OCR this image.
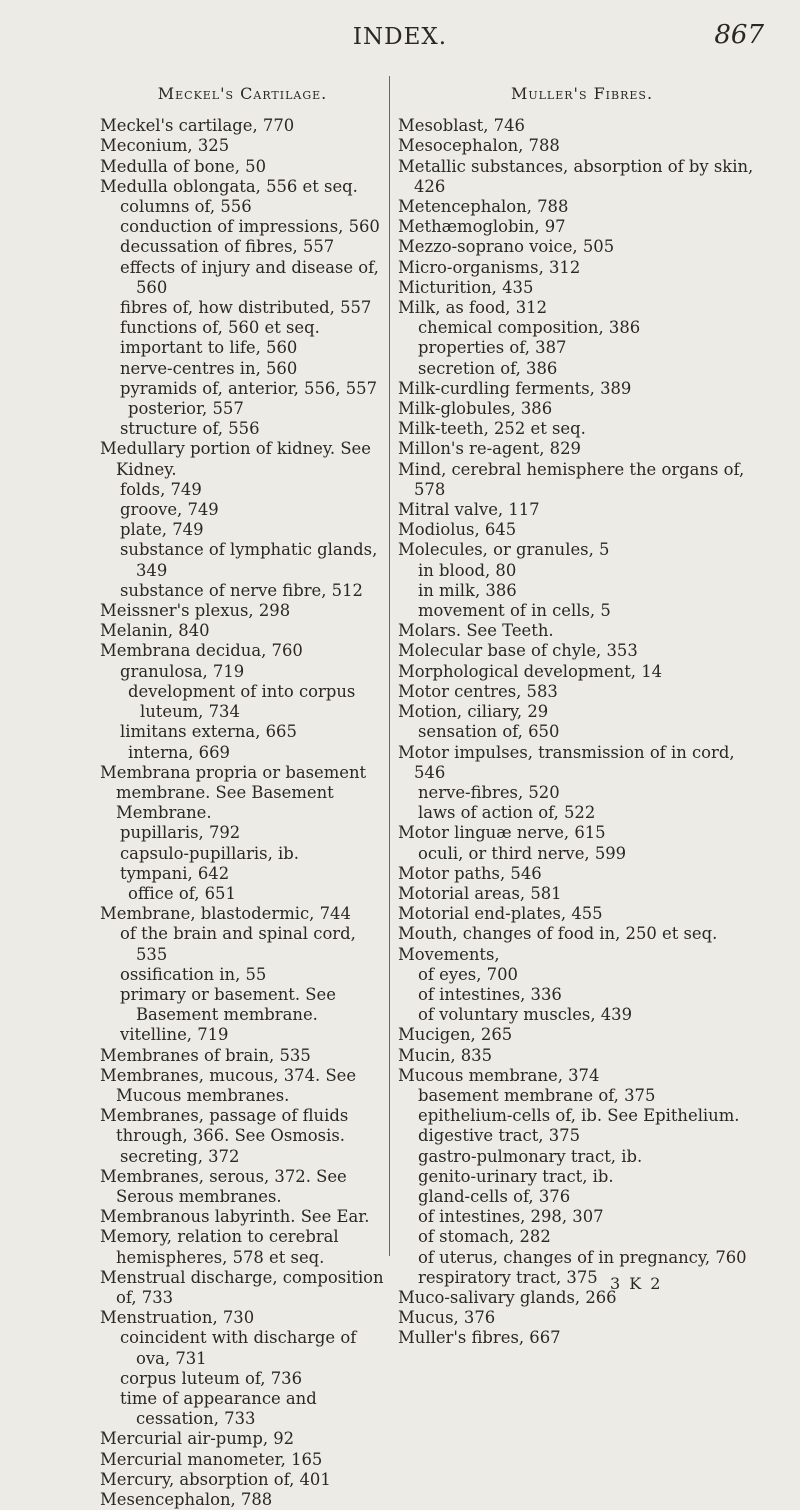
INDEX.	867
Meckel's Cartilage.
Meckel's cartilage, 770
Meconium, 325
Medulla of bone, 50
Medulla oblongata, 556 et seq.
columns of, 556
conduction of impressions, 560
decussation of fibres, 557
effects of injury and disease of, 560
fibres of, how distributed, 557
functions of, 560 et seq.
important to life, 560
nerve-centres in, 560
pyramids of, anterior, 556, 557
posterior, 557
structure of, 556
Medullary portion of kidney. See Kidney.
folds, 749
groove, 749
plate, 749
substance of lymphatic glands, 349
substance of nerve fibre, 512
Meissner's plexus, 298
Melanin, 840
Membrana decidua, 760
granulosa, 719
development of into corpus luteum, 734
limitans externa, 665
interna, 669
Membrana propria or basement membrane. See Basement Membrane.
pupillaris, 792
capsulo-pupillaris, ib.
tympani, 642
office of, 651
Membrane, blastodermic, 744
of the brain and spinal cord, 535
ossification in, 55
primary or basement. See Basement membrane.
vitelline, 719
Membranes of brain, 535
Membranes, mucous, 374. See Mucous membranes.
Membranes, passage of fluids through, 366. See Osmosis.
secreting, 372
Membranes, serous, 372. See Serous membranes.
Membranous labyrinth. See Ear.
Memory, relation to cerebral hemispheres, 578 et seq.
Menstrual discharge, composition of, 733
Menstruation, 730
coincident with discharge of ova, 731
corpus luteum of, 736
time of appearance and cessation, 733
Mercurial air-pump, 92
Mercurial manometer, 165
Mercury, absorption of, 401
Mesencephalon, 788
Muller's Fibres.
Mesoblast, 746
Mesocephalon, 788
Metallic substances, absorption of by skin, 426
Metencephalon, 788
Methæmoglobin, 97
Mezzo-soprano voice, 505
Micro-organisms, 312
Micturition, 435
Milk, as food, 312
chemical composition, 386
properties of, 387
secretion of, 386
Milk-curdling ferments, 389
Milk-globules, 386
Milk-teeth, 252 et seq.
Millon's re-agent, 829
Mind, cerebral hemisphere the organs of, 578
Mitral valve, 117
Modiolus, 645
Molecules, or granules, 5
in blood, 80
in milk, 386
movement of in cells, 5
Molars. See Teeth.
Molecular base of chyle, 353
Morphological development, 14
Motor centres, 583
Motion, ciliary, 29
sensation of, 650
Motor impulses, transmission of in cord, 546
nerve-fibres, 520
laws of action of, 522
Motor linguæ nerve, 615
oculi, or third nerve, 599
Motor paths, 546
Motorial areas, 581
Motorial end-plates, 455
Mouth, changes of food in, 250 et seq.
Movements,
of eyes, 700
of intestines, 336
of voluntary muscles, 439
Mucigen, 265
Mucin, 835
Mucous membrane, 374
basement membrane of, 375
epithelium-cells of, ib. See Epithelium.
digestive tract, 375
gastro-pulmonary tract, ib.
genito-urinary tract, ib.
gland-cells of, 376
of intestines, 298, 307
of stomach, 282
of uterus, changes of in pregnancy, 760
respiratory tract, 375
Muco-salivary glands, 266
Mucus, 376
Muller's fibres, 667
3 K 2
